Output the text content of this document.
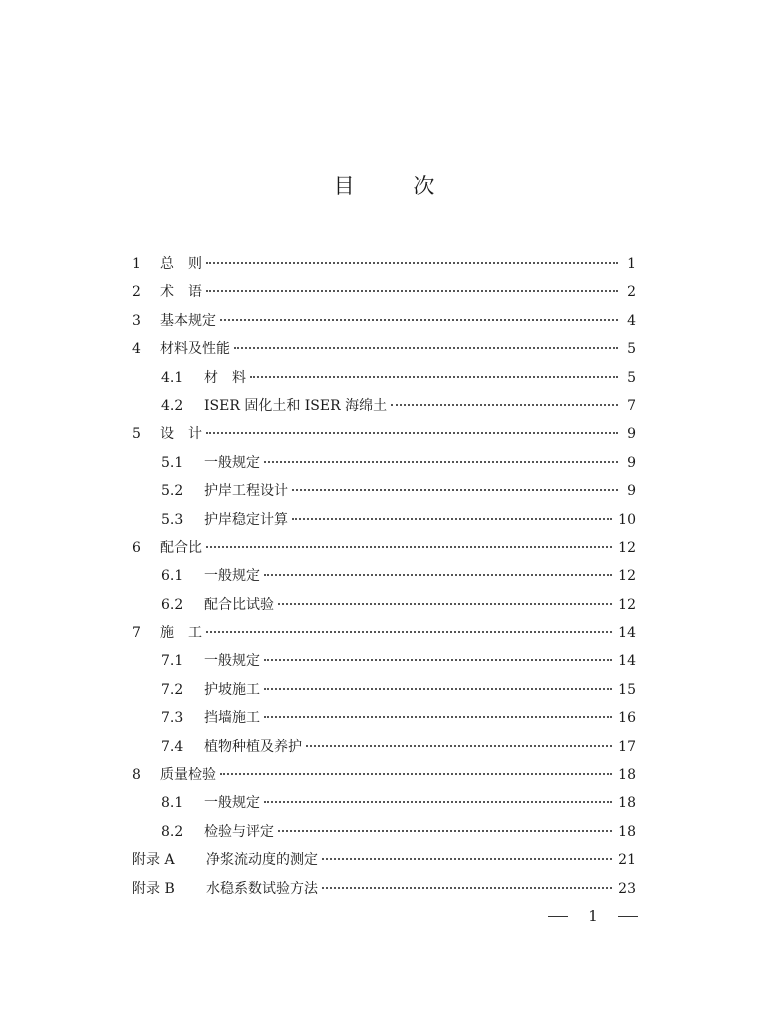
目 次
1	总　则	1
2	术　语	2
3	基本规定	4
4	材料及性能	5
4.1	材　料	5
4.2	ISER 固化土和 ISER 海绵土	7
5	设　计	9
5.1	一般规定	9
5.2	护岸工程设计	9
5.3	护岸稳定计算	10
6	配合比	12
6.1	一般规定	12
6.2	配合比试验	12
7	施　工	14
7.1	一般规定	14
7.2	护坡施工	15
7.3	挡墙施工	16
7.4	植物种植及养护	17
8	质量检验	18
8.1	一般规定	18
8.2	检验与评定	18
附录 A	净浆流动度的测定	21
附录 B	水稳系数试验方法	23
1
